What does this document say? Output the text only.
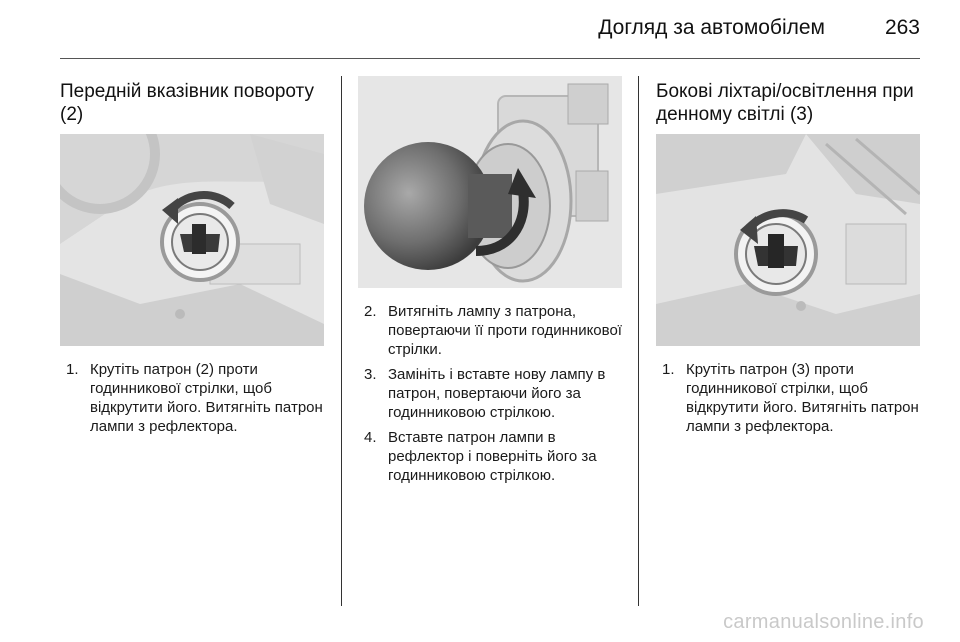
Догляд за автомобілем	263
Передній вказівник повороту (2)
1. Крутіть патрон (2) проти годинникової стрілки, щоб відкрутити його. Витягніть патрон лампи з рефлектора.
2. Витягніть лампу з патрона, повертаючи її проти годинникової стрілки.
3. Замініть і вставте нову лампу в патрон, повертаючи його за годинниковою стрілкою.
4. Вставте патрон лампи в рефлектор і поверніть його за годинниковою стрілкою.
Бокові ліхтарі/освітлення при денному світлі (3)
1. Крутіть патрон (3) проти годинникової стрілки, щоб відкрутити його. Витягніть патрон лампи з рефлектора.
carmanualsonline.info
